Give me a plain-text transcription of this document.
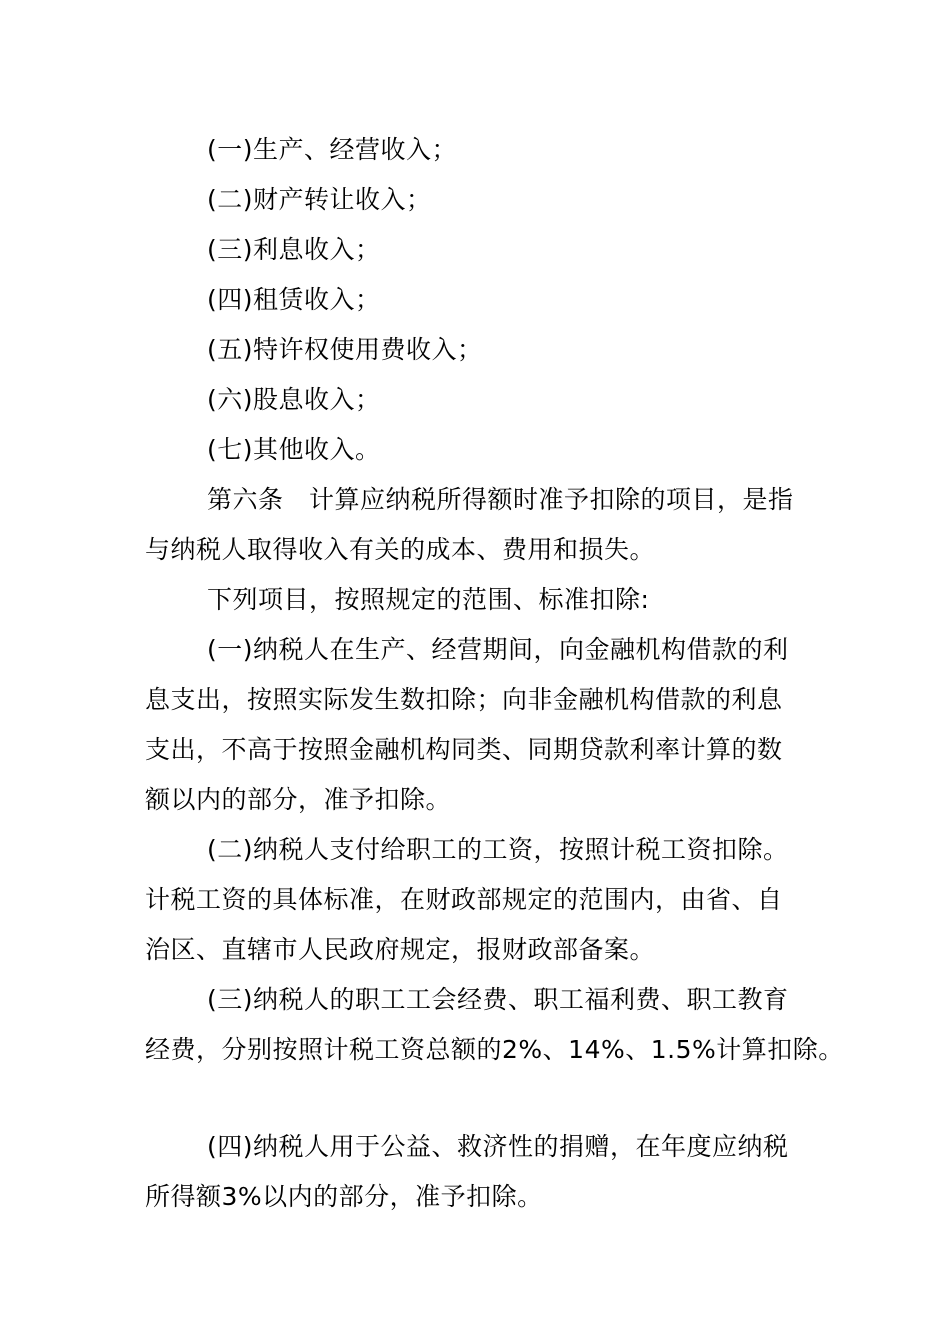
(一)生产、经营收入；
(二)财产转让收入；
(三)利息收入；
(四)租赁收入；
(五)特许权使用费收入；
(六)股息收入；
(七)其他收入。
第六条　计算应纳税所得额时准予扣除的项目，是指
与纳税人取得收入有关的成本、费用和损失。
下列项目，按照规定的范围、标准扣除:
(一)纳税人在生产、经营期间，向金融机构借款的利
息支出，按照实际发生数扣除；向非金融机构借款的利息
支出，不高于按照金融机构同类、同期贷款利率计算的数
额以内的部分，准予扣除。
(二)纳税人支付给职工的工资，按照计税工资扣除。
计税工资的具体标准，在财政部规定的范围内，由省、自
治区、直辖市人民政府规定，报财政部备案。
(三)纳税人的职工工会经费、职工福利费、职工教育
经费，分别按照计税工资总额的2%、14%、1.5%计算扣除。
(四)纳税人用于公益、救济性的捐赠，在年度应纳税
所得额3%以内的部分，准予扣除。
